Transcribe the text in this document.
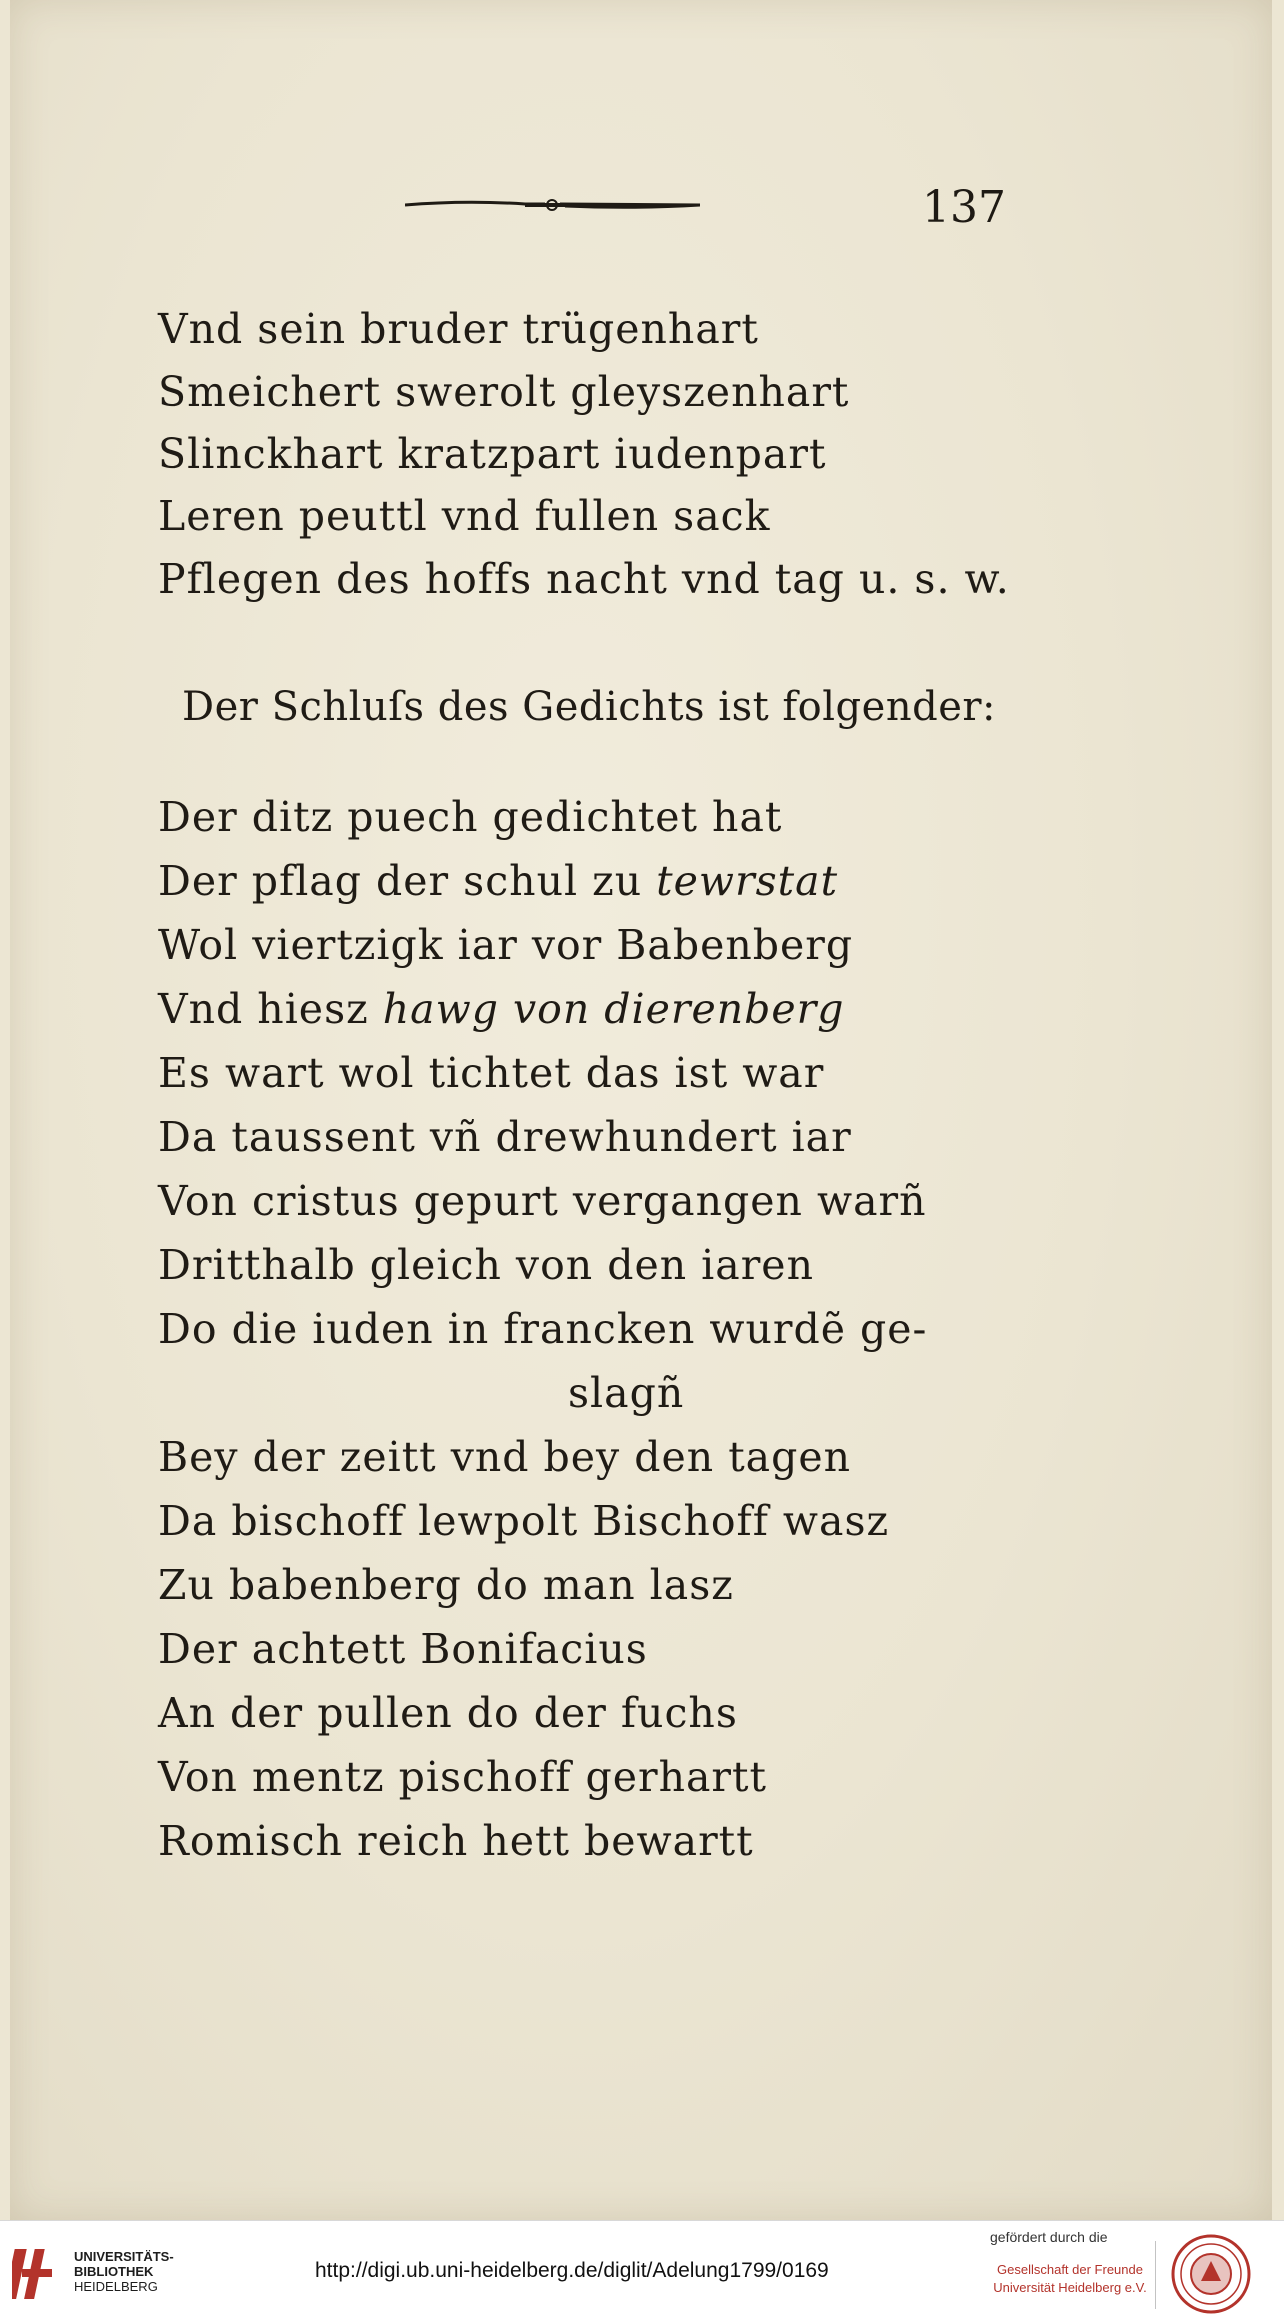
137
Vnd sein bruder trügenhart
Smeichert swerolt gleyszenhart
Slinckhart kratzpart iudenpart
Leren peuttl vnd fullen sack
Pflegen des hoffs nacht vnd tag u. s. w.
Der Schluſs des Gedichts ist folgender:
Der ditz puech gedichtet hat
Der pflag der schul zu tewrstat
Wol viertzigk iar vor Babenberg
Vnd hiesz hawg von dierenberg
Es wart wol tichtet das ist war
Da taussent vñ drewhundert iar
Von cristus gepurt vergangen warñ
Dritthalb gleich von den iaren
Do die iuden in francken wurdẽ ge-
slagñ
Bey der zeitt vnd bey den tagen
Da bischoff lewpolt Bischoff wasz
Zu babenberg do man lasz
Der achtett Bonifacius
An der pullen do der fuchs
Von mentz pischoff gerhartt
Romisch reich hett bewartt
UNIVERSITÄTS-
BIBLIOTHEK
HEIDELBERG
http://digi.ub.uni-heidelberg.de/diglit/Adelung1799/0169
gefördert durch die
Gesellschaft der Freunde
Universität Heidelberg e.V.
